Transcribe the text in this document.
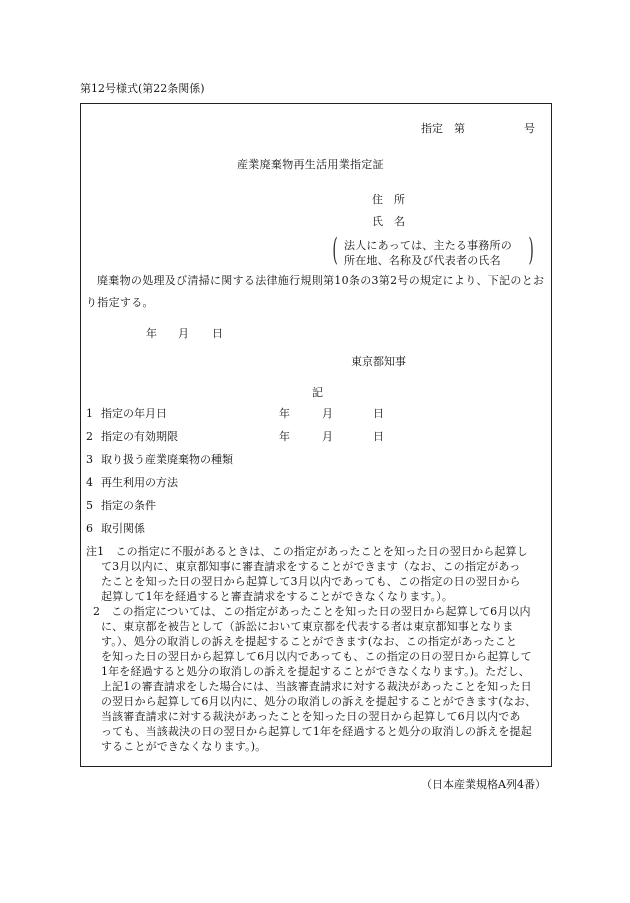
第12号様式(第22条関係)
指定　第	号
産業廃棄物再生活用業指定証
住　所
氏　名
( 法人にあっては、主たる事務所の
所在地、名称及び代表者の氏名 )
廃棄物の処理及び清掃に関する法律施行規則第10条の3第2号の規定により、下記のとお
り指定する。
年 月 日
東京都知事
記
1 指定の年月日	年	月	日
2 指定の有効期限	年	月	日
3 取り扱う産業廃棄物の種類
4 再生利用の方法
5 指定の条件
6 取引関係
注1　この指定に不服があるときは、この指定があったことを知った日の翌日から起算し
て3月以内に、東京都知事に審査請求をすることができます（なお、この指定があっ
たことを知った日の翌日から起算して3月以内であっても、この指定の日の翌日から
起算して1年を経過すると審査請求をすることができなくなります。）。
2　この指定については、この指定があったことを知った日の翌日から起算して6月以内
に、東京都を被告として（訴訟において東京都を代表する者は東京都知事となりま
す。）、処分の取消しの訴えを提起することができます(なお、この指定があったこと
を知った日の翌日から起算して6月以内であっても、この指定の日の翌日から起算して
1年を経過すると処分の取消しの訴えを提起することができなくなります。)。ただし、
上記1の審査請求をした場合には、当該審査請求に対する裁決があったことを知った日
の翌日から起算して6月以内に、処分の取消しの訴えを提起することができます(なお、
当該審査請求に対する裁決があったことを知った日の翌日から起算して6月以内であ
っても、当該裁決の日の翌日から起算して1年を経過すると処分の取消しの訴えを提起
することができなくなります。)。
（日本産業規格A列4番）
